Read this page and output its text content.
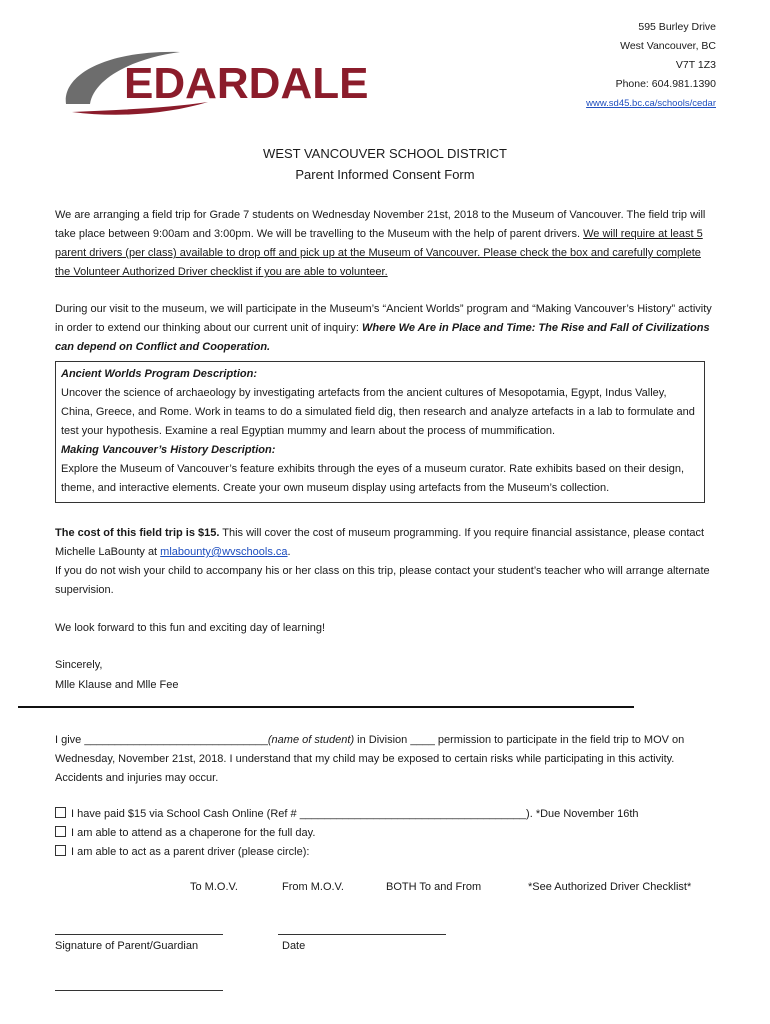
EDARDALE
595 Burley Drive
West Vancouver, BC
V7T 1Z3
Phone: 604.981.1390
www.sd45.bc.ca/schools/cedar
WEST VANCOUVER SCHOOL DISTRICT
Parent Informed Consent Form

We are arranging a field trip for Grade 7 students on Wednesday November 21st, 2018 to the Museum of Vancouver. The field trip will take place between 9:00am and 3:00pm. We will be travelling to the Museum with the help of parent drivers. We will require at least 5 parent drivers (per class) available to drop off and pick up at the Museum of Vancouver. Please check the box and carefully complete the Volunteer Authorized Driver checklist if you are able to volunteer.

During our visit to the museum, we will participate in the Museum’s “Ancient Worlds” program and “Making Vancouver’s History” activity in order to extend our thinking about our current unit of inquiry: Where We Are in Place and Time: The Rise and Fall of Civilizations can depend on Conflict and Cooperation.

Ancient Worlds Program Description:
Uncover the science of archaeology by investigating artefacts from the ancient cultures of Mesopotamia, Egypt, Indus Valley, China, Greece, and Rome. Work in teams to do a simulated field dig, then research and analyze artefacts in a lab to formulate and test your hypothesis. Examine a real Egyptian mummy and learn about the process of mummification.
Making Vancouver’s History Description:
Explore the Museum of Vancouver’s feature exhibits through the eyes of a museum curator. Rate exhibits based on their design, theme, and interactive elements. Create your own museum display using artefacts from the Museum’s collection.

The cost of this field trip is $15. This will cover the cost of museum programming. If you require financial assistance, please contact Michelle LaBounty at mlabounty@wvschools.ca.

If you do not wish your child to accompany his or her class on this trip, please contact your student’s teacher who will arrange alternate supervision.

We look forward to this fun and exciting day of learning!

Sincerely,

Mlle Klause and Mlle Fee

I give ______________________________(name of student) in Division ____ permission to participate in the field trip to MOV on Wednesday, November 21st, 2018. I understand that my child may be exposed to certain risks while participating in this activity. Accidents and injuries may occur.

I have paid $15 via School Cash Online (Ref # _____________________________________). *Due November 16th

I am able to attend as a chaperone for the full day.

I am able to act as a parent driver (please circle):

To M.O.V.	From M.O.V.	BOTH To and From	*See Authorized Driver Checklist*
Signature of Parent/Guardian	Date
